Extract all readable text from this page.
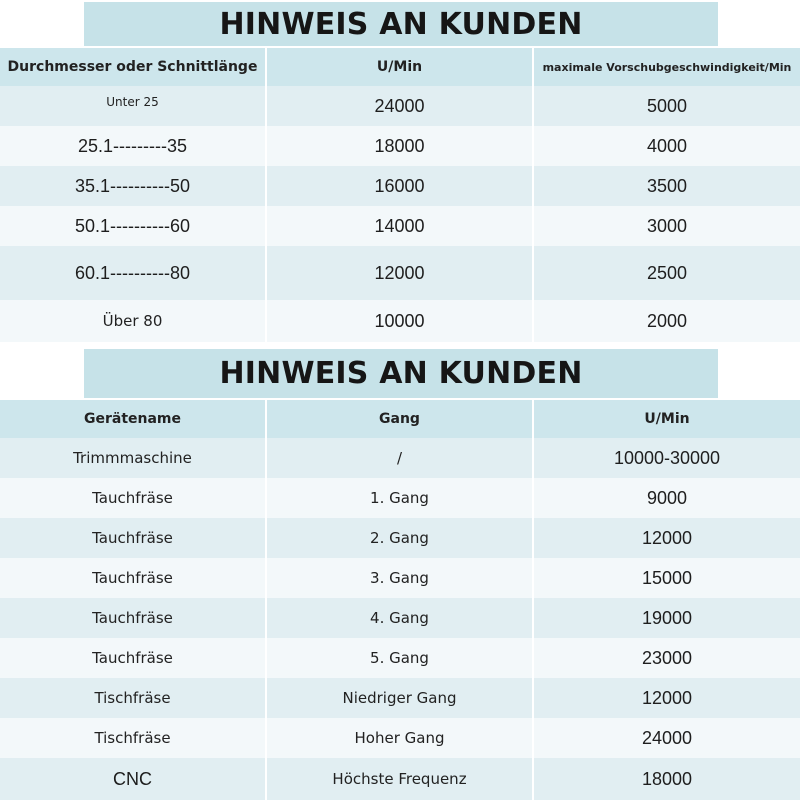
HINWEIS AN KUNDEN
Durchmesser oder Schnittlänge	U/Min	maximale Vorschubgeschwindigkeit/Min
Unter 25	24000	5000
25.1---------35	18000	4000
35.1----------50	16000	3500
50.1----------60	14000	3000
60.1----------80	12000	2500
Über 80	10000	2000
HINWEIS AN KUNDEN
Gerätename	Gang	U/Min
Trimmmaschine	/	10000-30000
Tauchfräse	1. Gang	9000
Tauchfräse	2. Gang	12000
Tauchfräse	3. Gang	15000
Tauchfräse	4. Gang	19000
Tauchfräse	5. Gang	23000
Tischfräse	Niedriger Gang	12000
Tischfräse	Hoher Gang	24000
CNC	Höchste Frequenz	18000
